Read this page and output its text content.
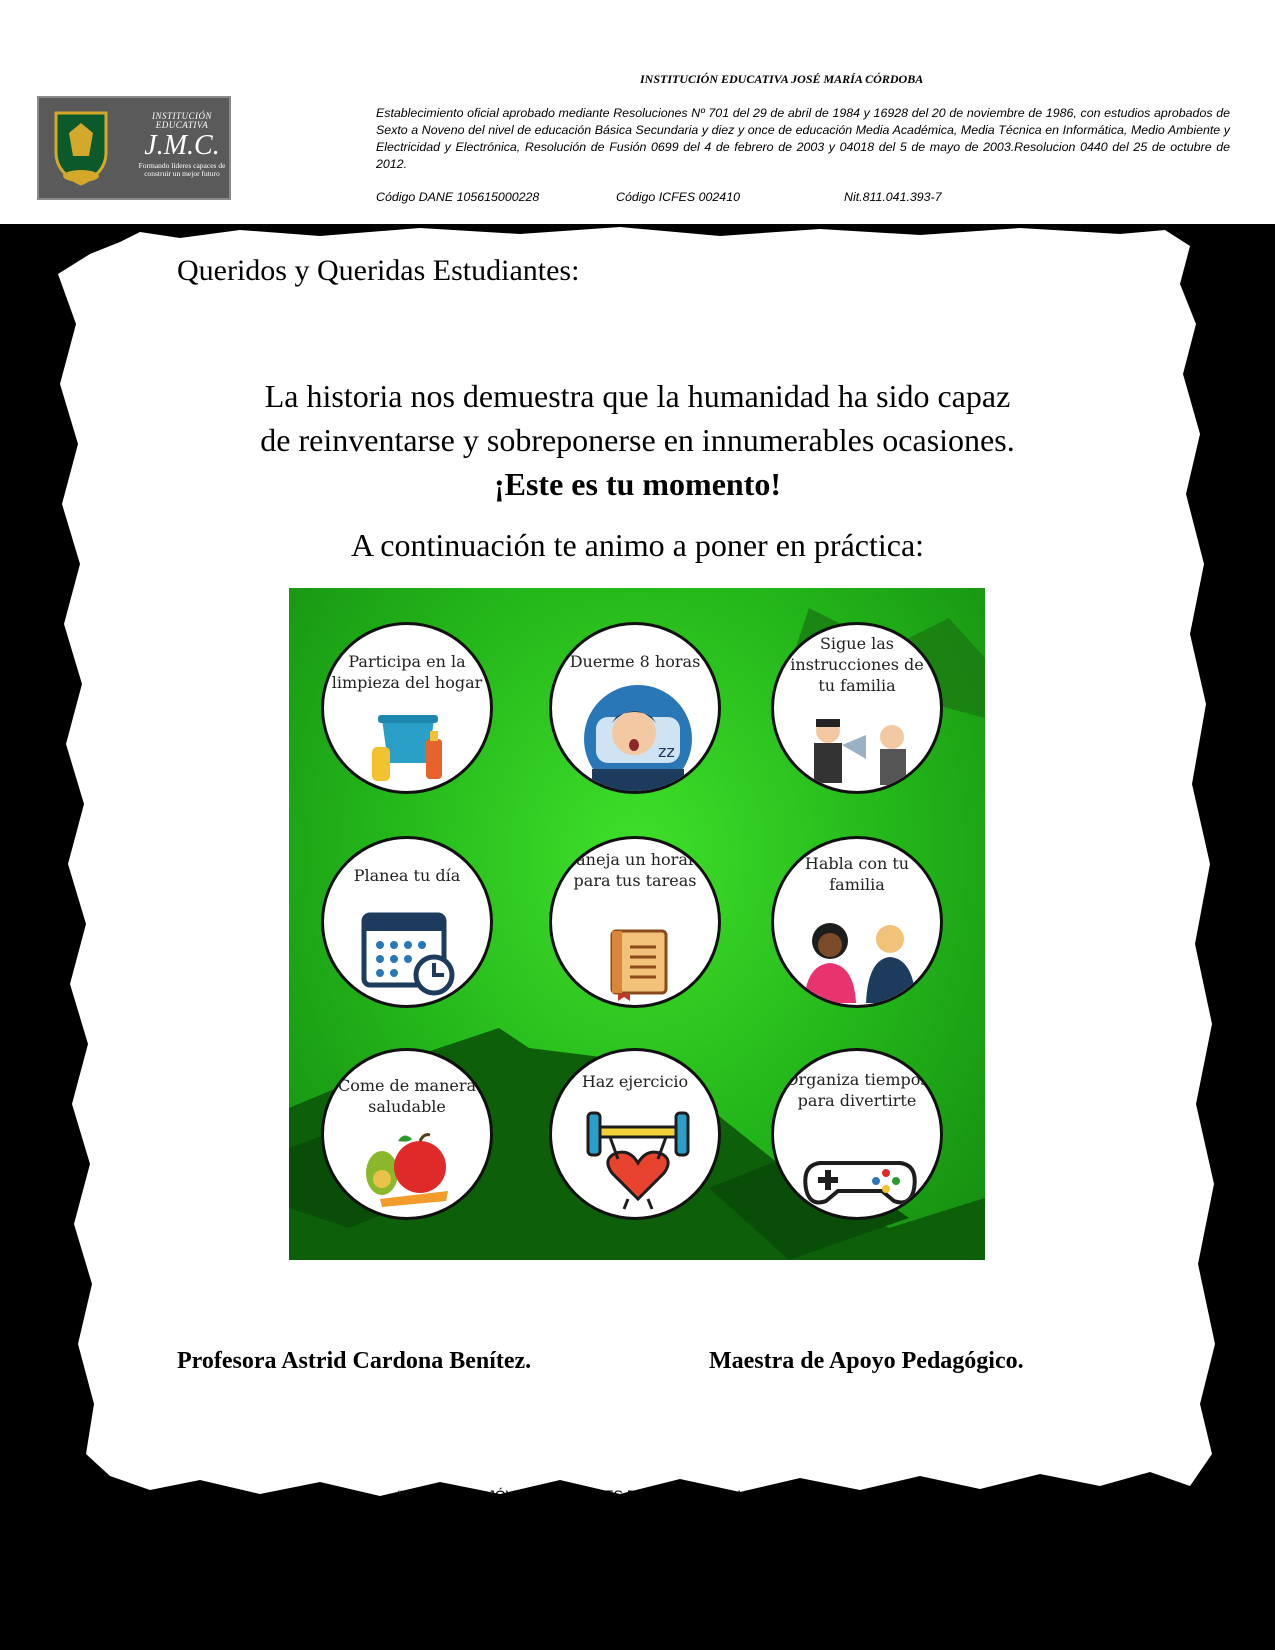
INSTITUCIÓN EDUCATIVA
J.M.C.
Formando líderes capaces de construir un mejor futuro
INSTITUCIÓN EDUCATIVA JOSÉ MARÍA CÓRDOBA
Establecimiento oficial aprobado mediante Resoluciones Nº 701 del 29 de abril de 1984 y 16928 del 20 de noviembre de 1986, con estudios aprobados de Sexto a Noveno del nivel de educación Básica Secundaria y diez y once de educación Media Académica, Media Técnica en Informática, Medio Ambiente y Electricidad y Electrónica, Resolución de Fusión 0699 del 4 de febrero de 2003 y 04018 del 5 de mayo de 2003.Resolucion 0440 del 25 de octubre de 2012.
Código DANE 105615000228	Código ICFES 002410	Nit.811.041.393-7
Queridos y Queridas Estudiantes:
La historia nos demuestra que la humanidad ha sido capaz
de reinventarse y sobreponerse en innumerables ocasiones.
¡Este es tu momento!
A continuación te animo a poner en práctica:
Participa en la limpieza del hogar
Duerme 8 horas
zz
Sigue las instrucciones de tu familia
Planea tu día
Maneja un horario para tus tareas
Habla con tu familia
Come de manera saludable
Haz ejercicio	Organiza tiempos para divertirte
Profesora Astrid Cardona Benítez.	Maestra de Apoyo Pedagógico.
“FORMANDO JÓVENES CAPACES DE CONSTRUIR UN MEJOR FUTURO”
TELEFONO: 561 22 41
E-MAIL ie.josemariacordoba@gmail.com
